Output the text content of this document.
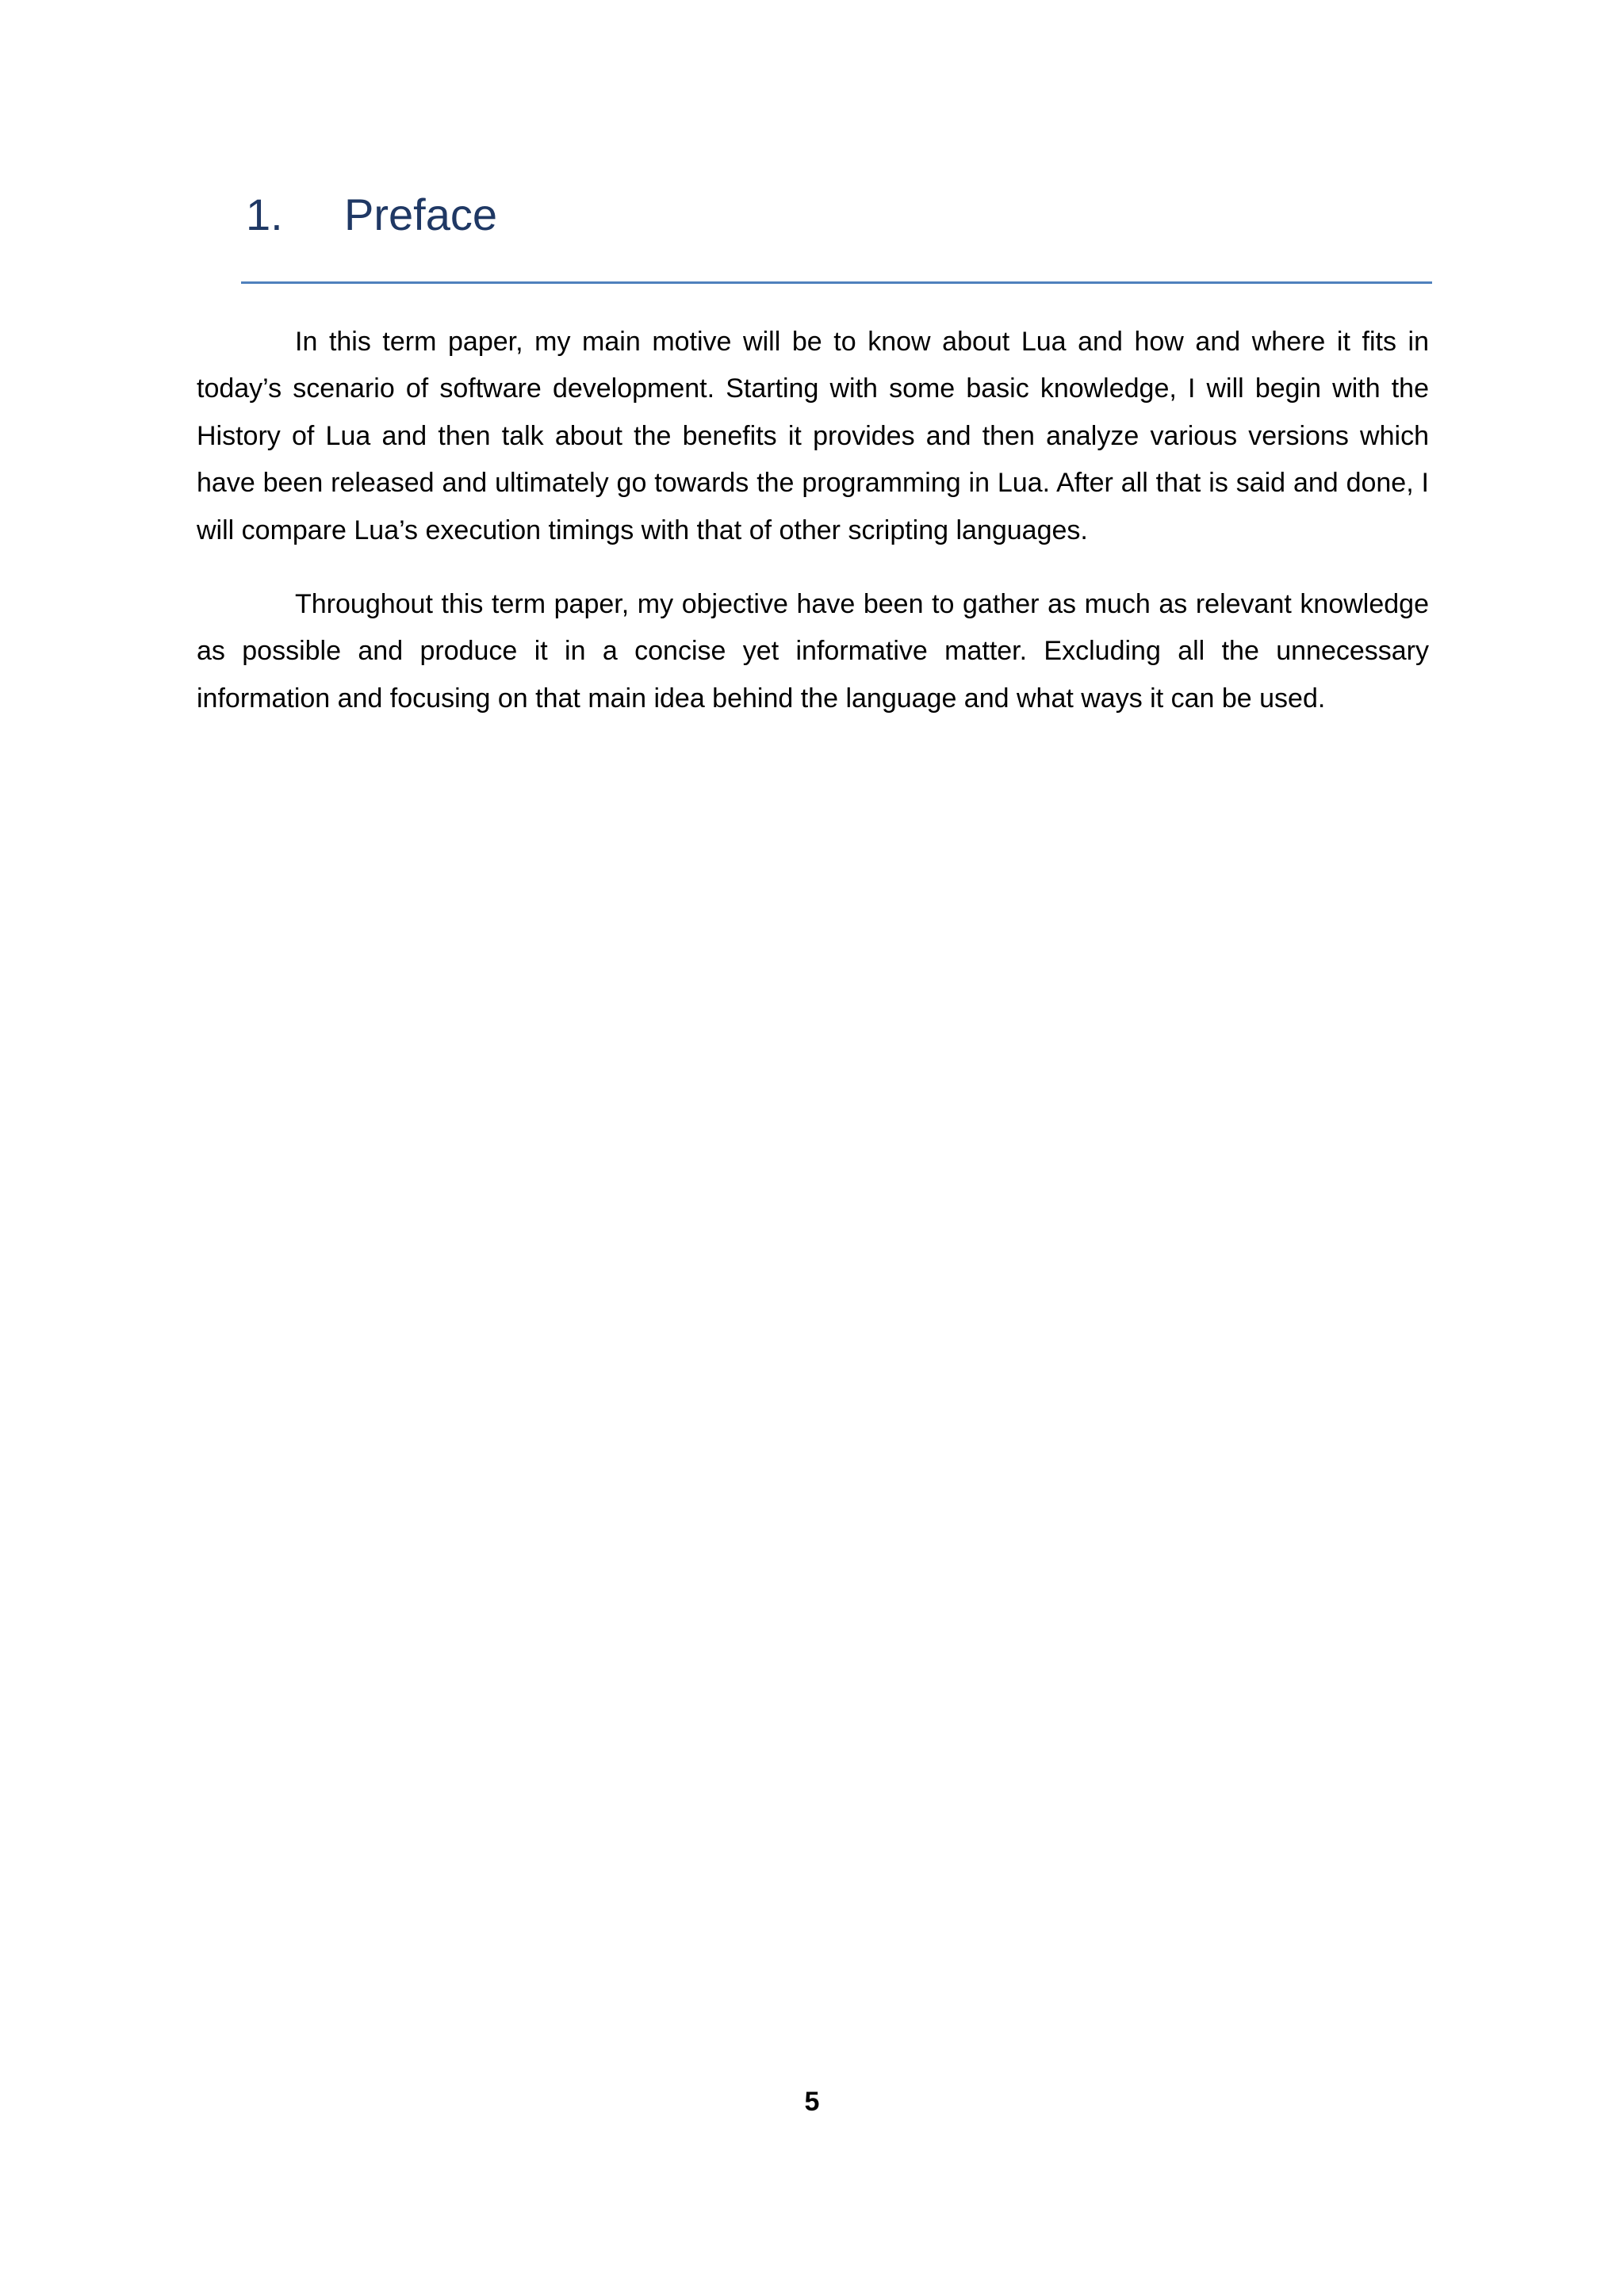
1. Preface

In this term paper, my main motive will be to know about Lua and how and where it fits in today’s scenario of software development. Starting with some basic knowledge, I will begin with the History of Lua and then talk about the benefits it provides and then analyze various versions which have been released and ultimately go towards the programming in Lua. After all that is said and done, I will compare Lua’s execution timings with that of other scripting languages.

Throughout this term paper, my objective have been to gather as much as relevant knowledge as possible and produce it in a concise yet informative matter. Excluding all the unnecessary information and focusing on that main idea behind the language and what ways it can be used.

5
